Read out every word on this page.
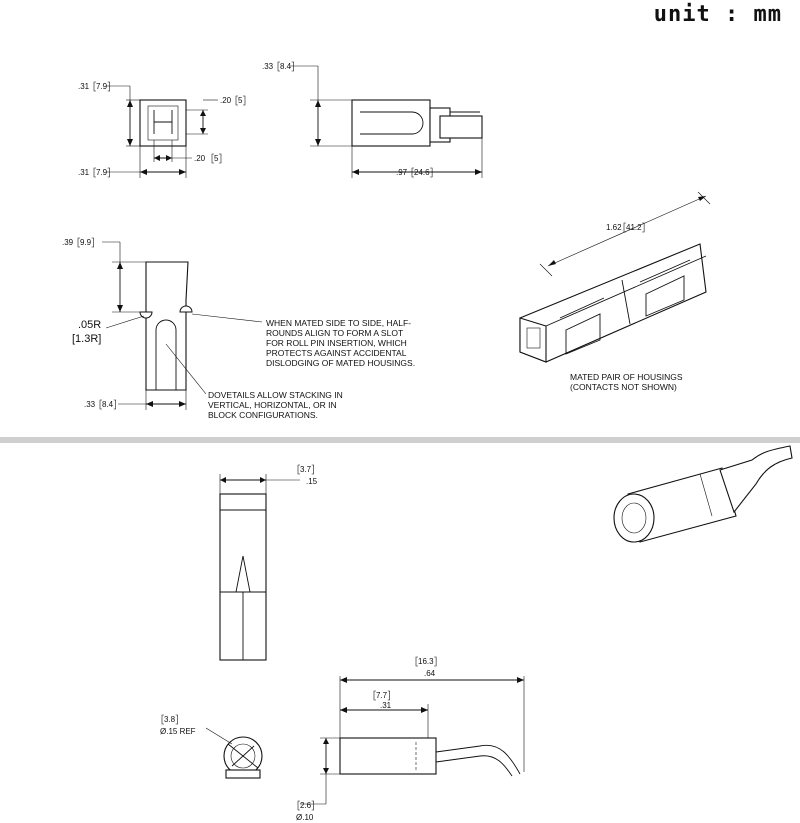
unit : mm
.31 7.9
.31 7.9
.20 5
.20 5
.33 8.4
.97 24.6
.39 9.9
.05R
[1.3R]
.33 8.4
WHEN MATED SIDE TO SIDE, HALF- ROUNDS ALIGN TO FORM A SLOT FOR ROLL PIN INSERTION, WHICH PROTECTS AGAINST ACCIDENTAL DISLODGING OF MATED HOUSINGS.
DOVETAILS ALLOW STACKING IN VERTICAL, HORIZONTAL, OR IN BLOCK CONFIGURATIONS.
1.62 41.2
MATED PAIR OF HOUSINGS (CONTACTS NOT SHOWN)
3.7
.15
16.3
.64
7.7
.31
2.6
Ø.10
3.8
Ø.15 REF
